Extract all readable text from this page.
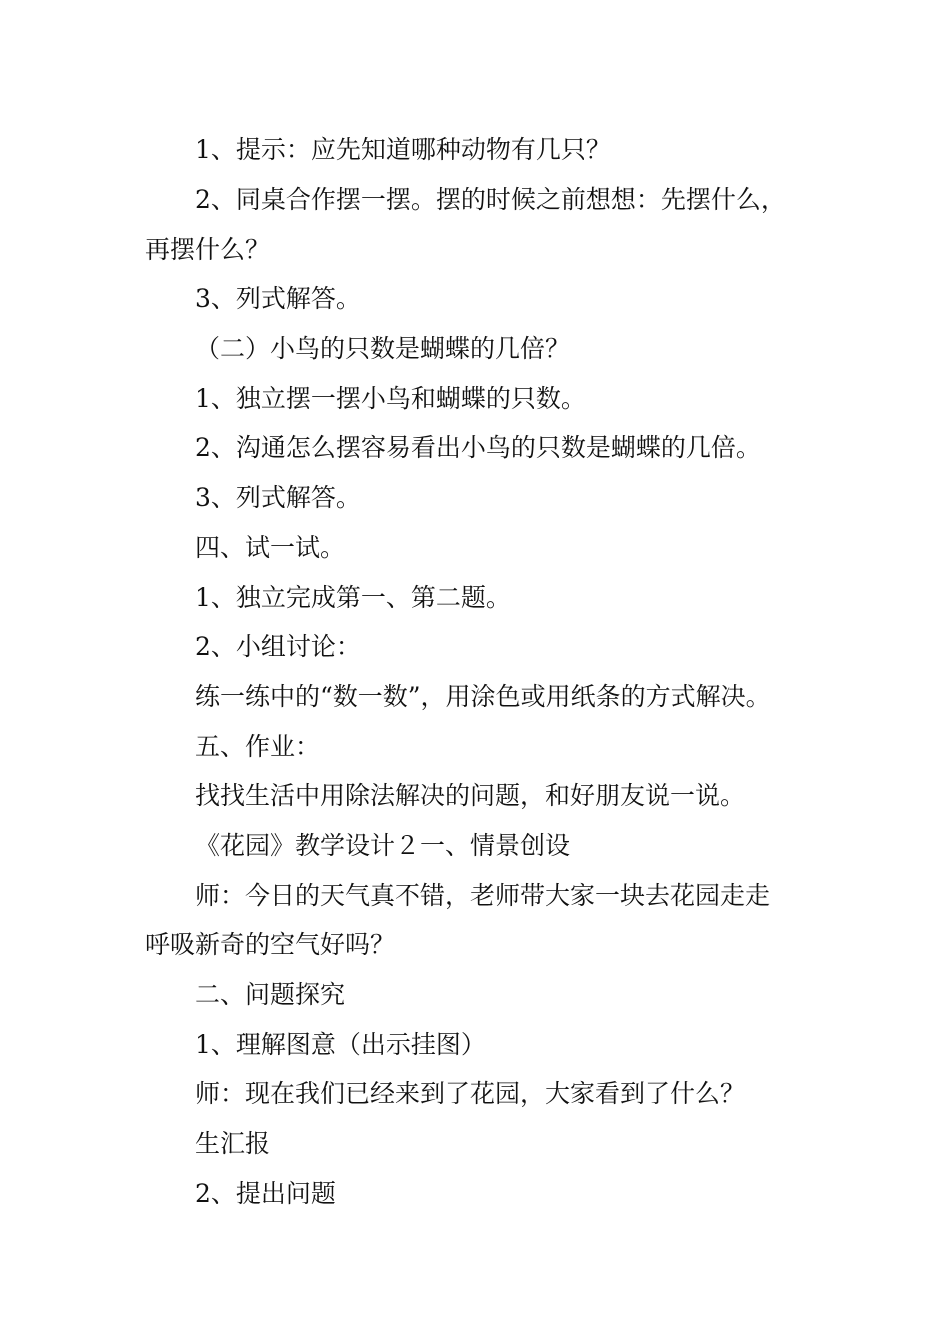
1、提示：应先知道哪种动物有几只？
2、同桌合作摆一摆。摆的时候之前想想：先摆什么，
再摆什么？
3、列式解答。
（二）小鸟的只数是蝴蝶的几倍？
1、独立摆一摆小鸟和蝴蝶的只数。
2、沟通怎么摆容易看出小鸟的只数是蝴蝶的几倍。
3、列式解答。
四、试一试。
1、独立完成第一、第二题。
2、小组讨论：
练一练中的“数一数”，用涂色或用纸条的方式解决。
五、作业：
找找生活中用除法解决的问题，和好朋友说一说。
《花园》教学设计２一、情景创设
师：今日的天气真不错，老师带大家一块去花园走走
呼吸新奇的空气好吗？
二、问题探究
1、理解图意（出示挂图）
师：现在我们已经来到了花园，大家看到了什么？
生汇报
2、提出问题
